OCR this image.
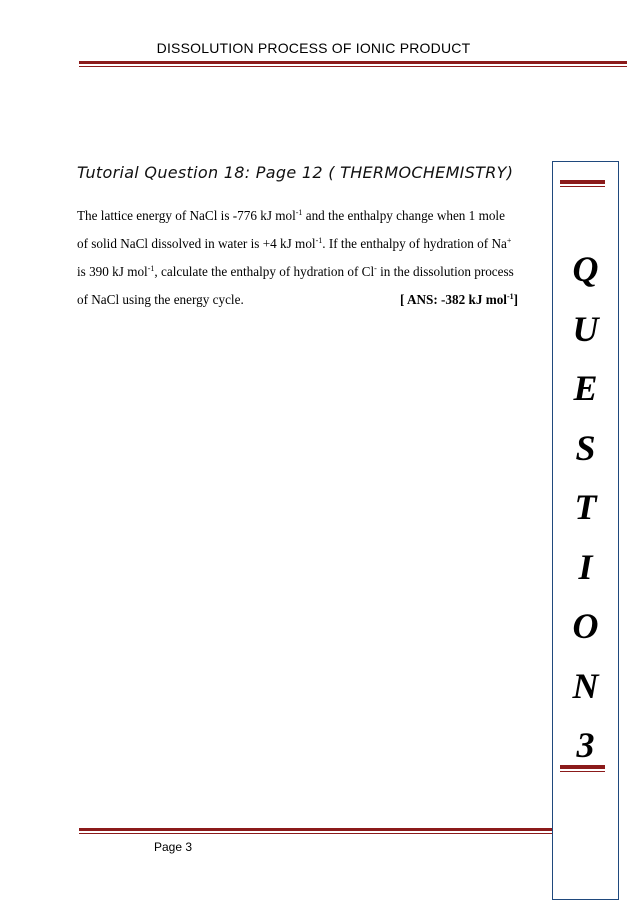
DISSOLUTION PROCESS OF IONIC PRODUCT
Q
U
E
S
T
I
O
N
3
Tutorial Question 18: Page 12 ( THERMOCHEMISTRY)

The lattice energy of NaCl is -776 kJ mol$^{-1}$ and the enthalpy change when 1 mole

of solid NaCl dissolved in water is +4 kJ mol$^{-1}$. If the enthalpy of hydration of Na+

is 390 kJ mol$^{-1}$, calculate the enthalpy of hydration of Cl- in the dissolution process

of NaCl using the energy cycle.	[ ANS: -382 kJ mol$^{-1}$]

Page 3
